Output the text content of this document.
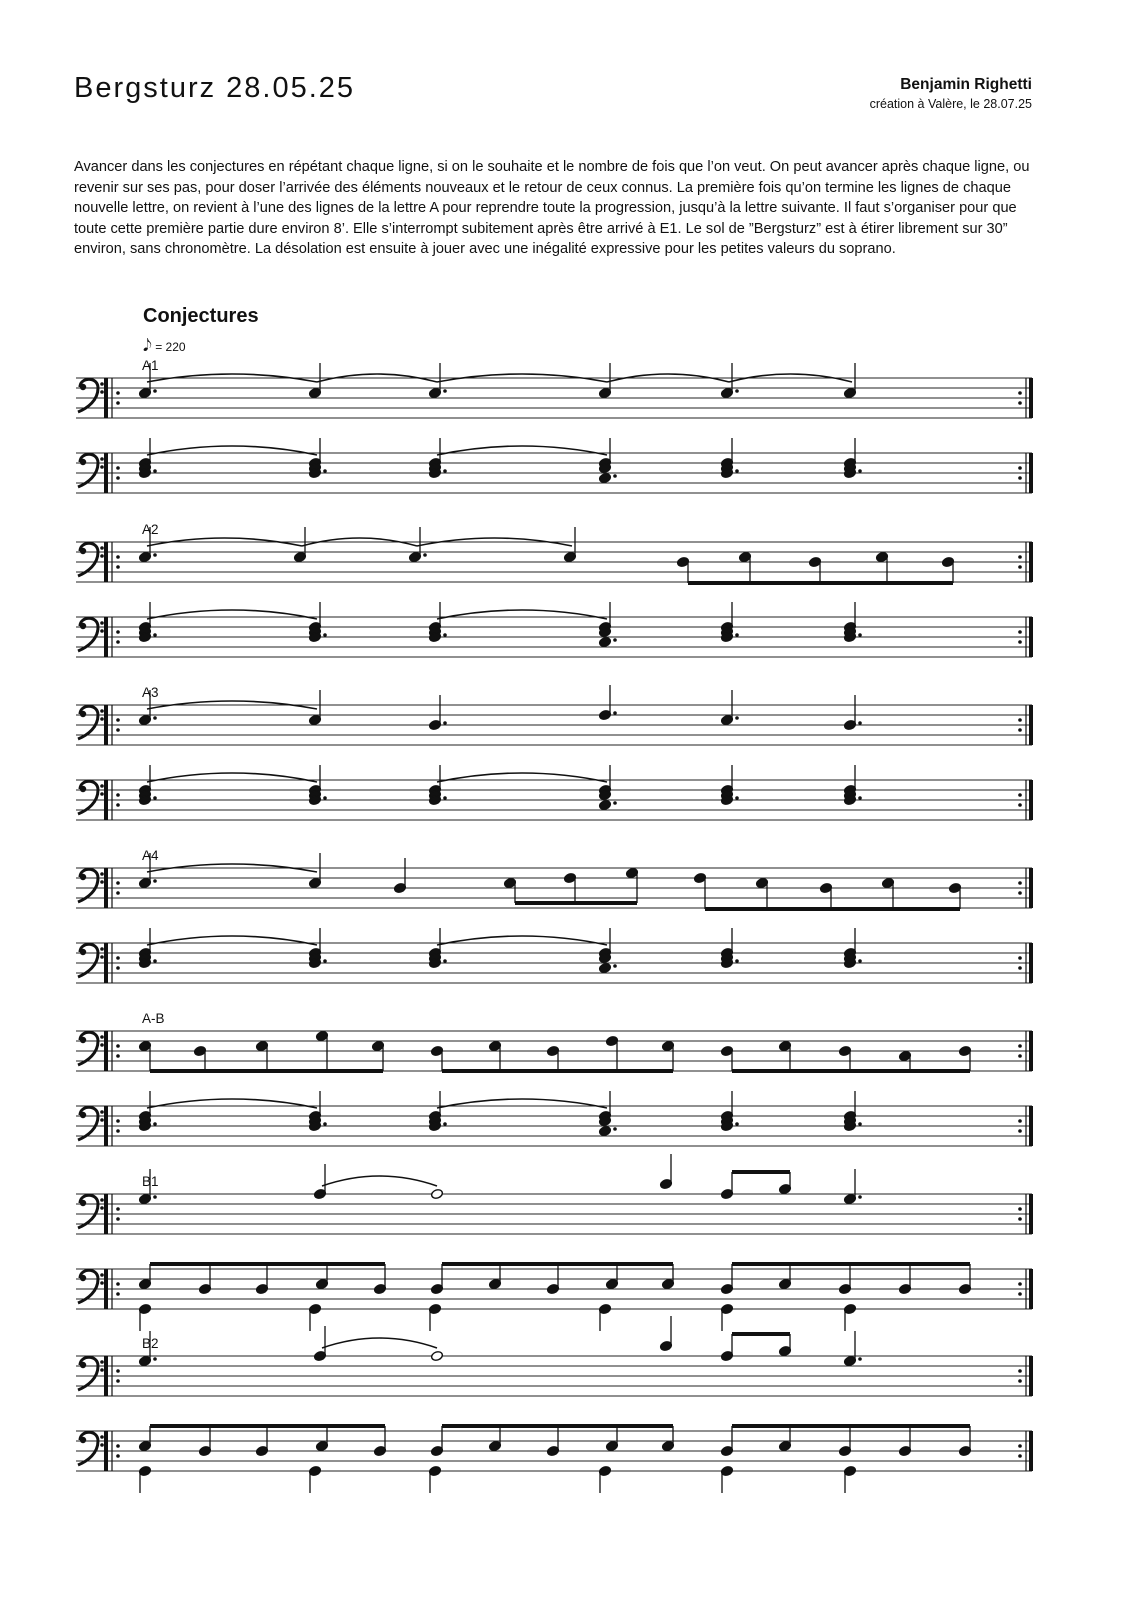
Bergsturz 28.05.25	Benjamin Righetti
création à Valère, le 28.07.25
Avancer dans les conjectures en répétant chaque ligne, si on le souhaite et le nombre de fois que l’on veut. On peut avancer après chaque ligne, ou revenir sur ses pas, pour doser l’arrivée des éléments nouveaux et le retour de ceux connus. La première fois qu’on termine les lignes de chaque nouvelle lettre, on revient à l’une des lignes de la lettre A pour reprendre toute la progression, jusqu’à la lettre suivante. Il faut s’organiser pour que toute cette première partie dure environ 8’. Elle s’interrompt subitement après être arrivé à E1. Le sol de ”Bergsturz” est à étirer librement sur 30” environ, sans chronomètre. La désolation est ensuite à jouer avec une inégalité expressive pour les petites valeurs du soprano.
Conjectures
𝅘𝅥𝅮 = 220
A1
A2
A3
A4
A-B
B1
B2
